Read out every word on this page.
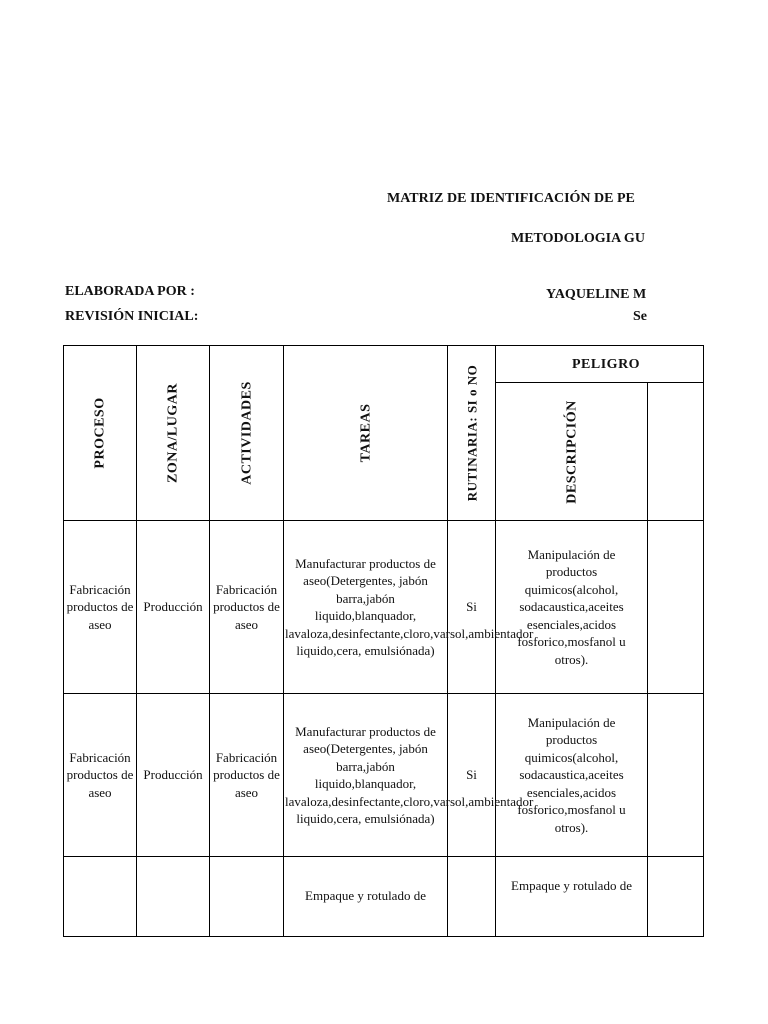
MATRIZ DE IDENTIFICACIÓN DE PE
METODOLOGIA GU
ELABORADA POR :
REVISIÓN INICIAL:
YAQUELINE M
Se
PROCESO	ZONA/LUGAR	ACTIVIDADES	TAREAS	RUTINARIA: SI o NO	PELIGRO	

					DESCRIPCIÓN	

Fabricación productos de aseo	Producción	Fabricación productos de aseo	Manufacturar productos de aseo(Detergentes, jabón barra,jabón liquido,blanquador, lavaloza,desinfectante,cloro,varsol,ambientador liquido,cera, emulsiónada)	Si	Manipulación de productos quimicos(alcohol, sodacaustica,aceites esenciales,acidos fosforico,mosfanol u otros).	

Fabricación productos de aseo	Producción	Fabricación productos de aseo	Manufacturar productos de aseo(Detergentes, jabón barra,jabón liquido,blanquador, lavaloza,desinfectante,cloro,varsol,ambientador liquido,cera, emulsiónada)	Si	Manipulación de productos quimicos(alcohol, sodacaustica,aceites esenciales,acidos fosforico,mosfanol u otros).	

			Empaque y rotulado de		Empaque y rotulado de	
